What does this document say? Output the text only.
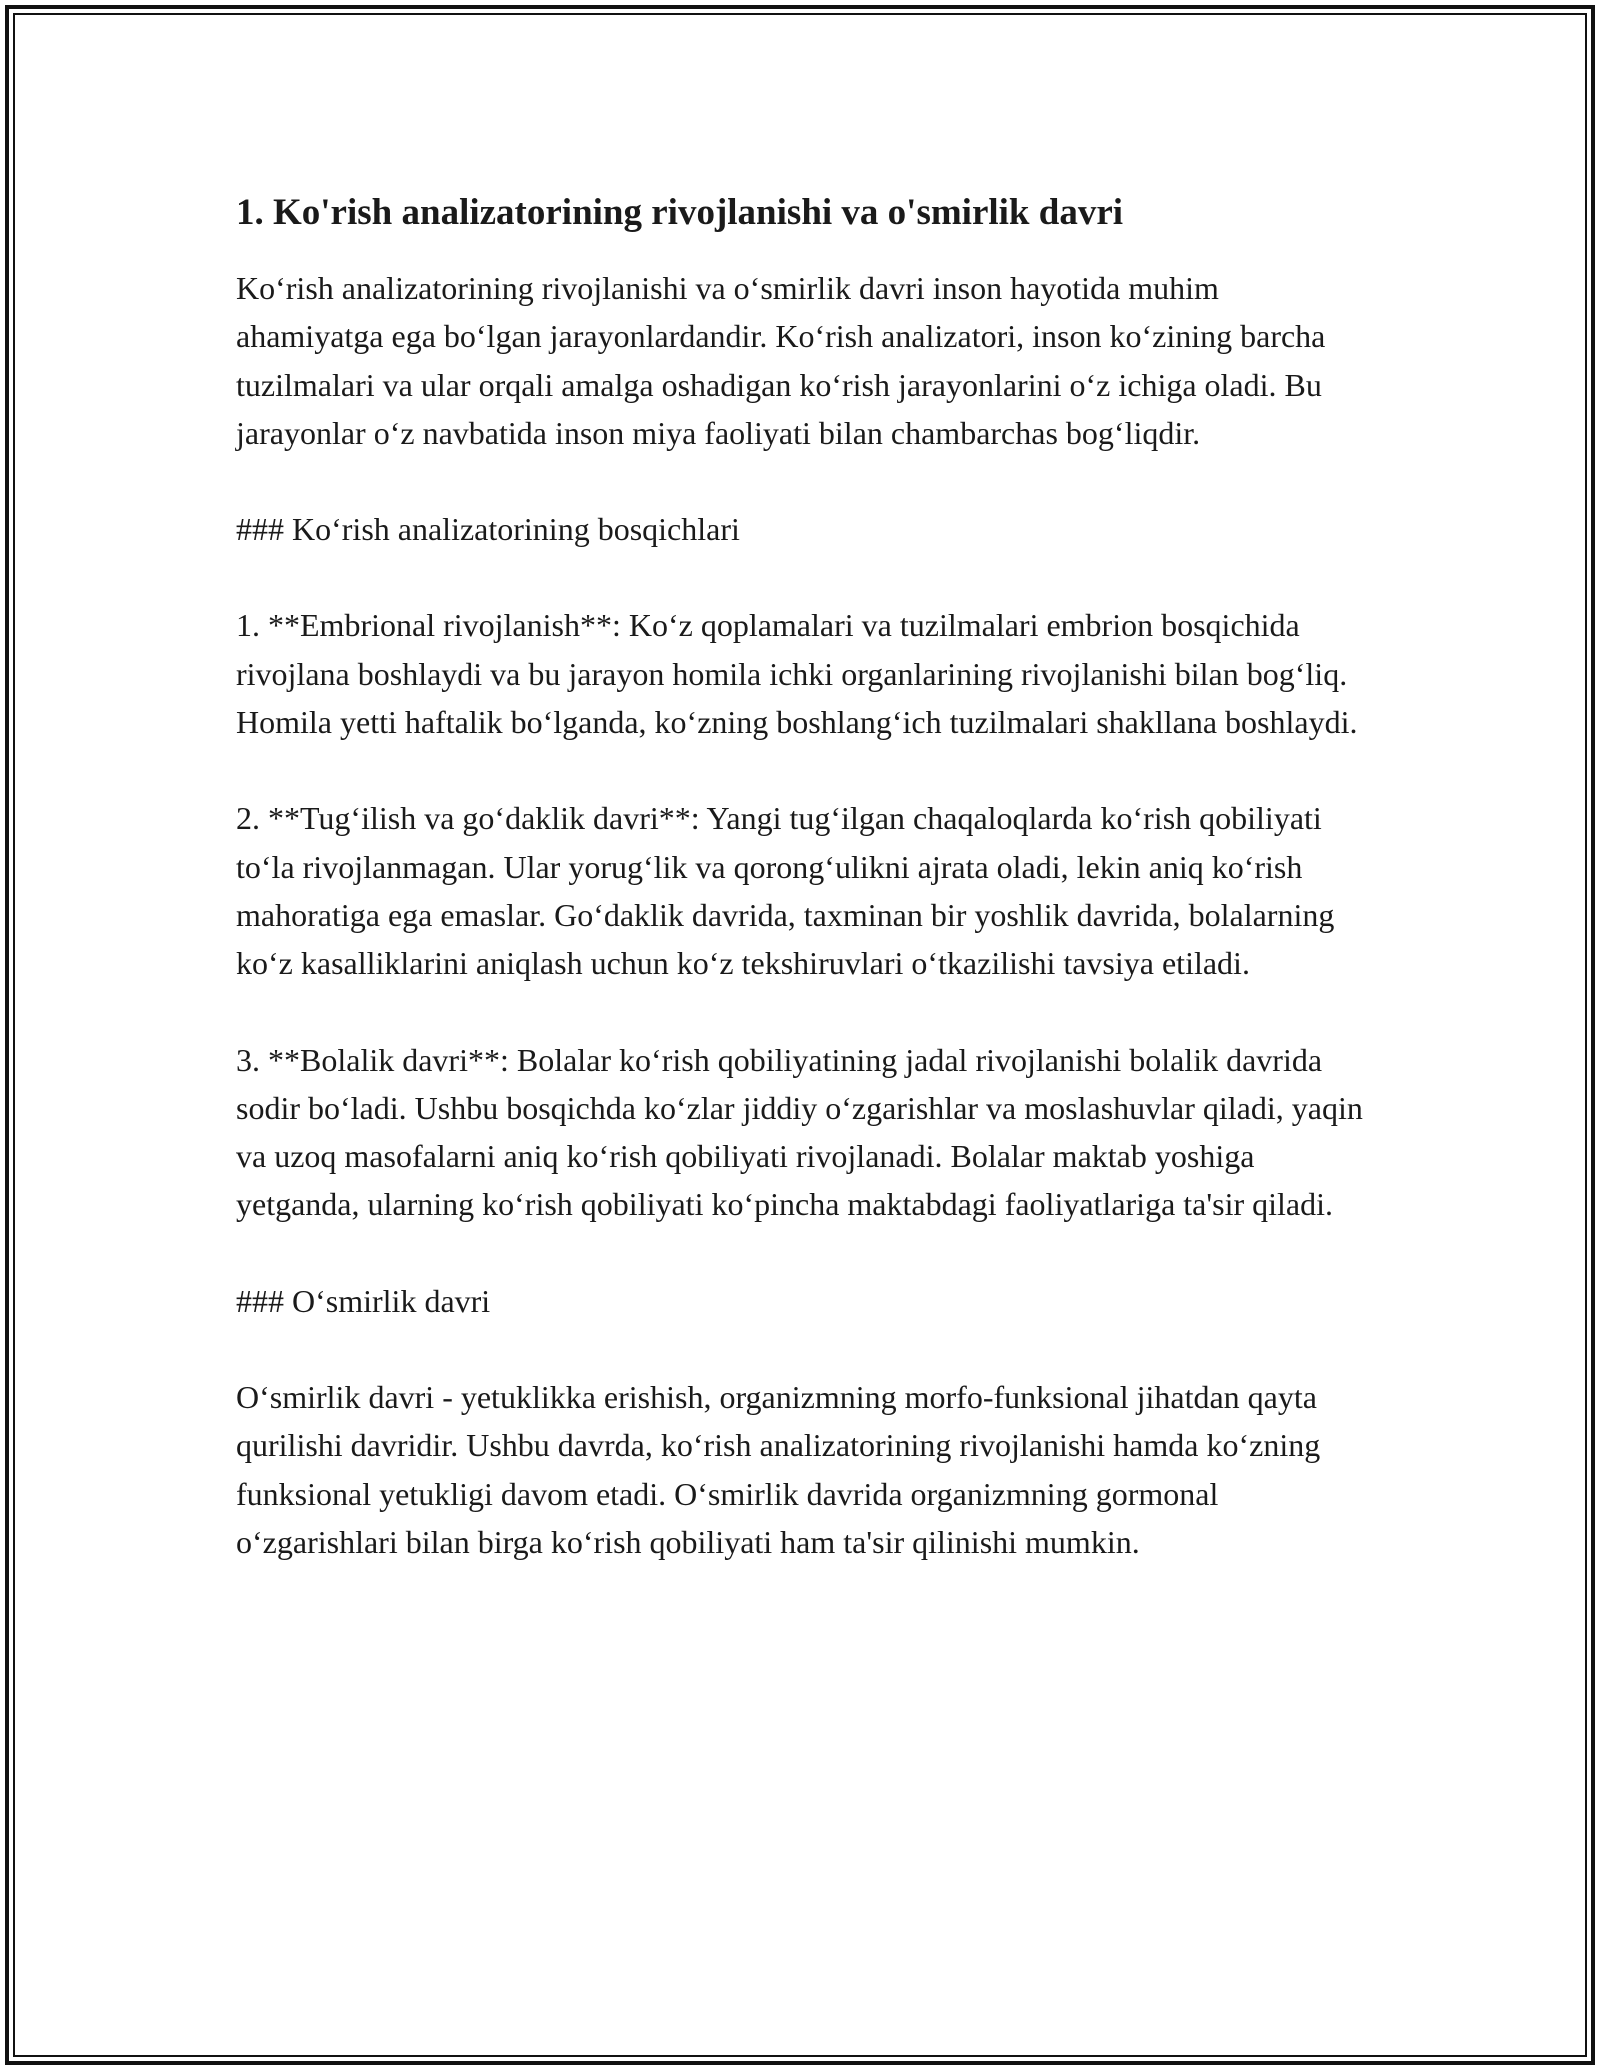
1. Ko'rish analizatorining rivojlanishi va o'smirlik davri

Ko‘rish analizatorining rivojlanishi va o‘smirlik davri inson hayotida muhim ahamiyatga ega bo‘lgan jarayonlardandir. Ko‘rish analizatori, inson ko‘zining barcha tuzilmalari va ular orqali amalga oshadigan ko‘rish jarayonlarini o‘z ichiga oladi. Bu jarayonlar o‘z navbatida inson miya faoliyati bilan chambarchas bog‘liqdir.

### Ko‘rish analizatorining bosqichlari

1. **Embrional rivojlanish**: Ko‘z qoplamalari va tuzilmalari embrion bosqichida rivojlana boshlaydi va bu jarayon homila ichki organlarining rivojlanishi bilan bog‘liq. Homila yetti haftalik bo‘lganda, ko‘zning boshlang‘ich tuzilmalari shakllana boshlaydi.

2. **Tug‘ilish va go‘daklik davri**: Yangi tug‘ilgan chaqaloqlarda ko‘rish qobiliyati to‘la rivojlanmagan. Ular yorug‘lik va qorong‘ulikni ajrata oladi, lekin aniq ko‘rish mahoratiga ega emaslar. Go‘daklik davrida, taxminan bir yoshlik davrida, bolalarning ko‘z kasalliklarini aniqlash uchun ko‘z tekshiruvlari o‘tkazilishi tavsiya etiladi.

3. **Bolalik davri**: Bolalar ko‘rish qobiliyatining jadal rivojlanishi bolalik davrida sodir bo‘ladi. Ushbu bosqichda ko‘zlar jiddiy o‘zgarishlar va moslashuvlar qiladi, yaqin va uzoq masofalarni aniq ko‘rish qobiliyati rivojlanadi. Bolalar maktab yoshiga yetganda, ularning ko‘rish qobiliyati ko‘pincha maktabdagi faoliyatlariga ta'sir qiladi.

### O‘smirlik davri

O‘smirlik davri - yetuklikka erishish, organizmning morfo-funksional jihatdan qayta qurilishi davridir. Ushbu davrda, ko‘rish analizatorining rivojlanishi hamda ko‘zning funksional yetukligi davom etadi. O‘smirlik davrida organizmning gormonal o‘zgarishlari bilan birga ko‘rish qobiliyati ham ta'sir qilinishi mumkin.
